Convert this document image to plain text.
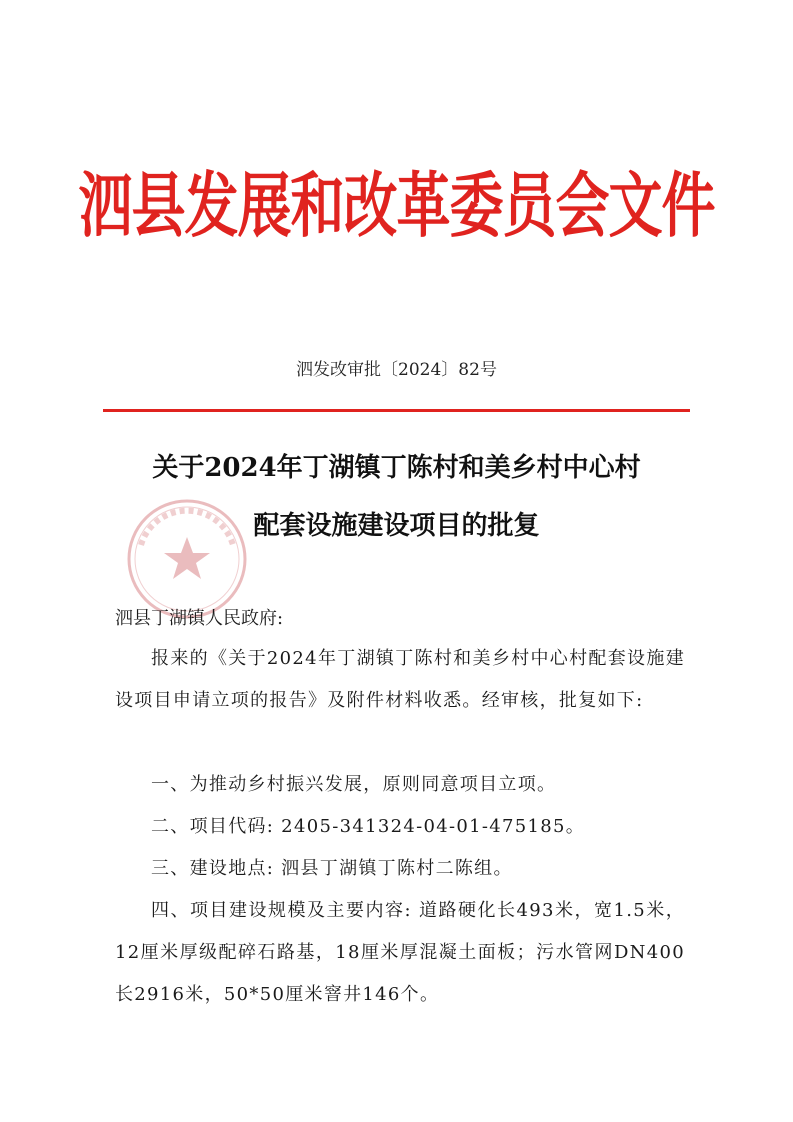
泗县发展和改革委员会文件
泗发改审批〔2024〕82号
关于2024年丁湖镇丁陈村和美乡村中心村
配套设施建设项目的批复
泗县丁湖镇人民政府:
报来的《关于2024年丁湖镇丁陈村和美乡村中心村配套设施建设项目申请立项的报告》及附件材料收悉。经审核，批复如下:
一、为推动乡村振兴发展，原则同意项目立项。
二、项目代码: 2405-341324-04-01-475185。
三、建设地点: 泗县丁湖镇丁陈村二陈组。
四、项目建设规模及主要内容: 道路硬化长493米，宽1.5米，12厘米厚级配碎石路基，18厘米厚混凝土面板；污水管网DN400长2916米，50*50厘米窨井146个。
